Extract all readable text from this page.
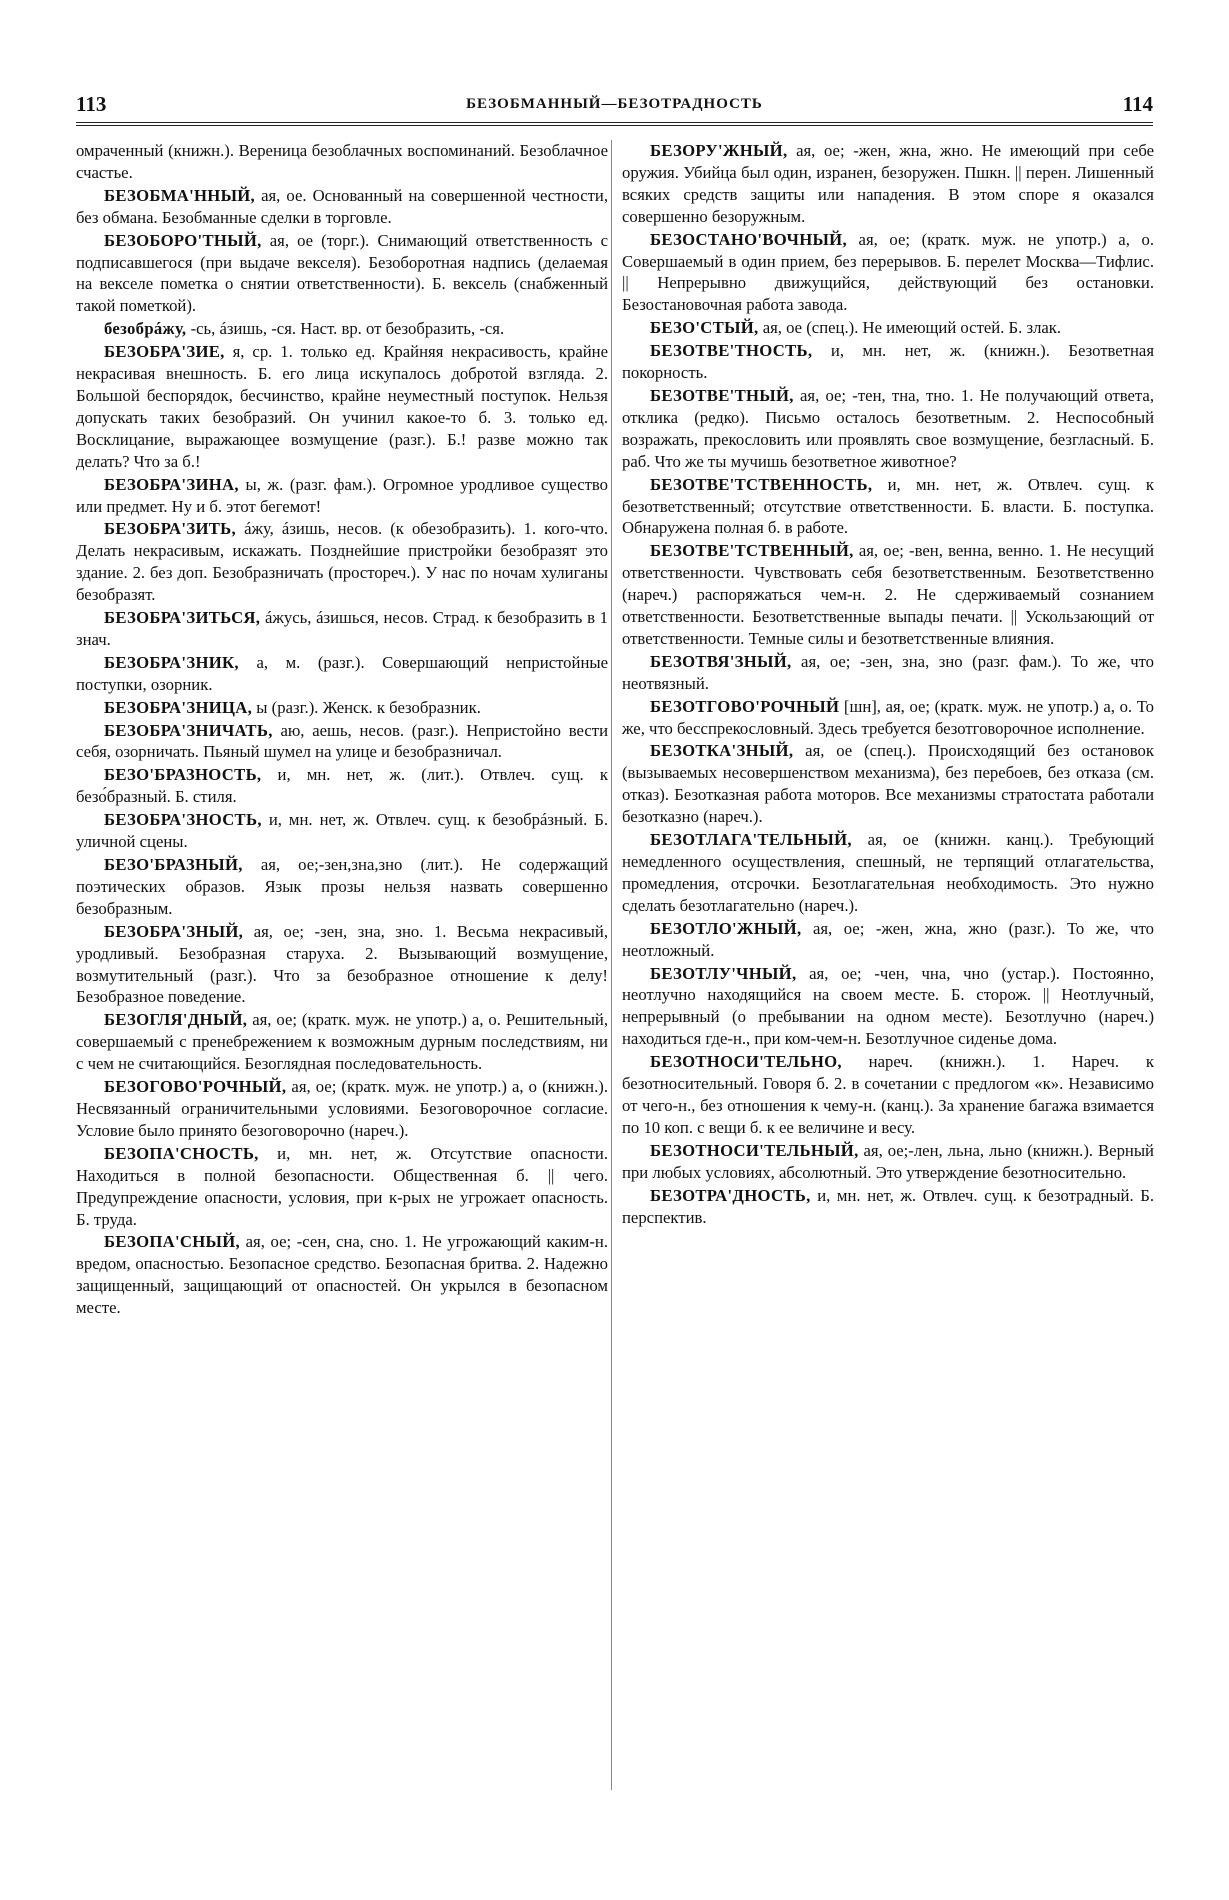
113	БЕЗОБМАННЫЙ—БЕЗОТРАДНОСТЬ	114

омраченный (книжн.). Вереница безоблачных воспоминаний. Безоблачное счастье.

БЕЗОБМА'ННЫЙ, ая, ое. Основанный на совершенной честности, без обмана. Безобманные сделки в торговле.

БЕЗОБОРО'ТНЫЙ, ая, ое (торг.). Снимающий ответственность с подписавшегося (при выдаче векселя). Безоборотная надпись (делаемая на векселе пометка о снятии ответственности). Б. вексель (снабженный такой пометкой).

безобрáжу, -сь, áзишь, -ся. Наст. вр. от безобразить, -ся.

БЕЗОБРА'ЗИЕ, я, ср. 1. только ед. Крайняя некрасивость, крайне некрасивая внешность. Б. его лица искупалось добротой взгляда. 2. Большой беспорядок, бесчинство, крайне неуместный поступок. Нельзя допускать таких безобразий. Он учинил какое-то б. 3. только ед. Восклицание, выражающее возмущение (разг.). Б.! разве можно так делать? Что за б.!

БЕЗОБРА'ЗИНА, ы, ж. (разг. фам.). Огромное уродливое существо или предмет. Ну и б. этот бегемот!

БЕЗОБРА'ЗИТЬ, áжу, áзишь, несов. (к обезобразить). 1. кого-что. Делать некрасивым, искажать. Позднейшие пристройки безобразят это здание. 2. без доп. Безобразничать (простореч.). У нас по ночам хулиганы безобразят.

БЕЗОБРА'ЗИТЬСЯ, áжусь, áзишься, несов. Страд. к безобразить в 1 знач.

БЕЗОБРА'ЗНИК, а, м. (разг.). Совершающий непристойные поступки, озорник.

БЕЗОБРА'ЗНИЦА, ы (разг.). Женск. к безобразник.

БЕЗОБРА'ЗНИЧАТЬ, аю, аешь, несов. (разг.). Непристойно вести себя, озорничать. Пьяный шумел на улице и безобразничал.

БЕЗО'БРАЗНОСТЬ, и, мн. нет, ж. (лит.). Отвлеч. сущ. к безо́бразный. Б. стиля.

БЕЗОБРА'ЗНОСТЬ, и, мн. нет, ж. Отвлеч. сущ. к безобрáзный. Б. уличной сцены.

БЕЗО'БРАЗНЫЙ, ая, ое;-зен,зна,зно (лит.). Не содержащий поэтических образов. Язык прозы нельзя назвать совершенно безобразным.

БЕЗОБРА'ЗНЫЙ, ая, ое; -зен, зна, зно. 1. Весьма некрасивый, уродливый. Безобразная старуха. 2. Вызывающий возмущение, возмутительный (разг.). Что за безобразное отношение к делу! Безобразное поведение.

БЕЗОГЛЯ'ДНЫЙ, ая, ое; (кратк. муж. не употр.) а, о. Решительный, совершаемый с пренебрежением к возможным дурным последствиям, ни с чем не считающийся. Безоглядная последовательность.

БЕЗОГОВО'РОЧНЫЙ, ая, ое; (кратк. муж. не употр.) а, о (книжн.). Несвязанный ограничительными условиями. Безоговорочное согласие. Условие было принято безоговорочно (нареч.).

БЕЗОПА'СНОСТЬ, и, мн. нет, ж. Отсутствие опасности. Находиться в полной безопасности. Общественная б. || чего. Предупреждение опасности, условия, при к-рых не угрожает опасность. Б. труда.

БЕЗОПА'СНЫЙ, ая, ое; -сен, сна, сно. 1. Не угрожающий каким-н. вредом, опасностью. Безопасное средство. Безопасная бритва. 2. Надежно защищенный, защищающий от опасностей. Он укрылся в безопасном месте.

БЕЗОРУ'ЖНЫЙ, ая, ое; -жен, жна, жно. Не имеющий при себе оружия. Убийца был один, изранен, безоружен. Пшкн. || перен. Лишенный всяких средств защиты или нападения. В этом споре я оказался совершенно безоружным.

БЕЗОСТАНО'ВОЧНЫЙ, ая, ое; (кратк. муж. не употр.) а, о. Совершаемый в один прием, без перерывов. Б. перелет Москва—Тифлис. || Непрерывно движущийся, действующий без остановки. Безостановочная работа завода.

БЕЗО'СТЫЙ, ая, ое (спец.). Не имеющий остей. Б. злак.

БЕЗОТВЕ'ТНОСТЬ, и, мн. нет, ж. (книжн.). Безответная покорность.

БЕЗОТВЕ'ТНЫЙ, ая, ое; -тен, тна, тно. 1. Не получающий ответа, отклика (редко). Письмо осталось безответным. 2. Неспособный возражать, прекословить или проявлять свое возмущение, безгласный. Б. раб. Что же ты мучишь безответное животное?

БЕЗОТВЕ'ТСТВЕННОСТЬ, и, мн. нет, ж. Отвлеч. сущ. к безответственный; отсутствие ответственности. Б. власти. Б. поступка. Обнаружена полная б. в работе.

БЕЗОТВЕ'ТСТВЕННЫЙ, ая, ое; -вен, венна, венно. 1. Не несущий ответственности. Чувствовать себя безответственным. Безответственно (нареч.) распоряжаться чем-н. 2. Не сдерживаемый сознанием ответственности. Безответственные выпады печати. || Ускользающий от ответственности. Темные силы и безответственные влияния.

БЕЗОТВЯ'ЗНЫЙ, ая, ое; -зен, зна, зно (разг. фам.). То же, что неотвязный.

БЕЗОТГОВО'РОЧНЫЙ [шн], ая, ое; (кратк. муж. не употр.) а, о. То же, что бесспрекословный. Здесь требуется безотговорочное исполнение.

БЕЗОТКА'ЗНЫЙ, ая, ое (спец.). Происходящий без остановок (вызываемых несовершенством механизма), без перебоев, без отказа (см. отказ). Безотказная работа моторов. Все механизмы стратостата работали безотказно (нареч.).

БЕЗОТЛАГА'ТЕЛЬНЫЙ, ая, ое (книжн. канц.). Требующий немедленного осуществления, спешный, не терпящий отлагательства, промедления, отсрочки. Безотлагательная необходимость. Это нужно сделать безотлагательно (нареч.).

БЕЗОТЛО'ЖНЫЙ, ая, ое; -жен, жна, жно (разг.). То же, что неотложный.

БЕЗОТЛУ'ЧНЫЙ, ая, ое; -чен, чна, чно (устар.). Постоянно, неотлучно находящийся на своем месте. Б. сторож. || Неотлучный, непрерывный (о пребывании на одном месте). Безотлучно (нареч.) находиться где-н., при ком-чем-н. Безотлучное сиденье дома.

БЕЗОТНОСИ'ТЕЛЬНО, нареч. (книжн.). 1. Нареч. к безотносительный. Говоря б. 2. в сочетании с предлогом «к». Независимо от чего-н., без отношения к чему-н. (канц.). За хранение багажа взимается по 10 коп. с вещи б. к ее величине и весу.

БЕЗОТНОСИ'ТЕЛЬНЫЙ, ая, ое;-лен, льна, льно (книжн.). Верный при любых условиях, абсолютный. Это утверждение безотносительно.

БЕЗОТРА'ДНОСТЬ, и, мн. нет, ж. Отвлеч. сущ. к безотрадный. Б. перспектив.
